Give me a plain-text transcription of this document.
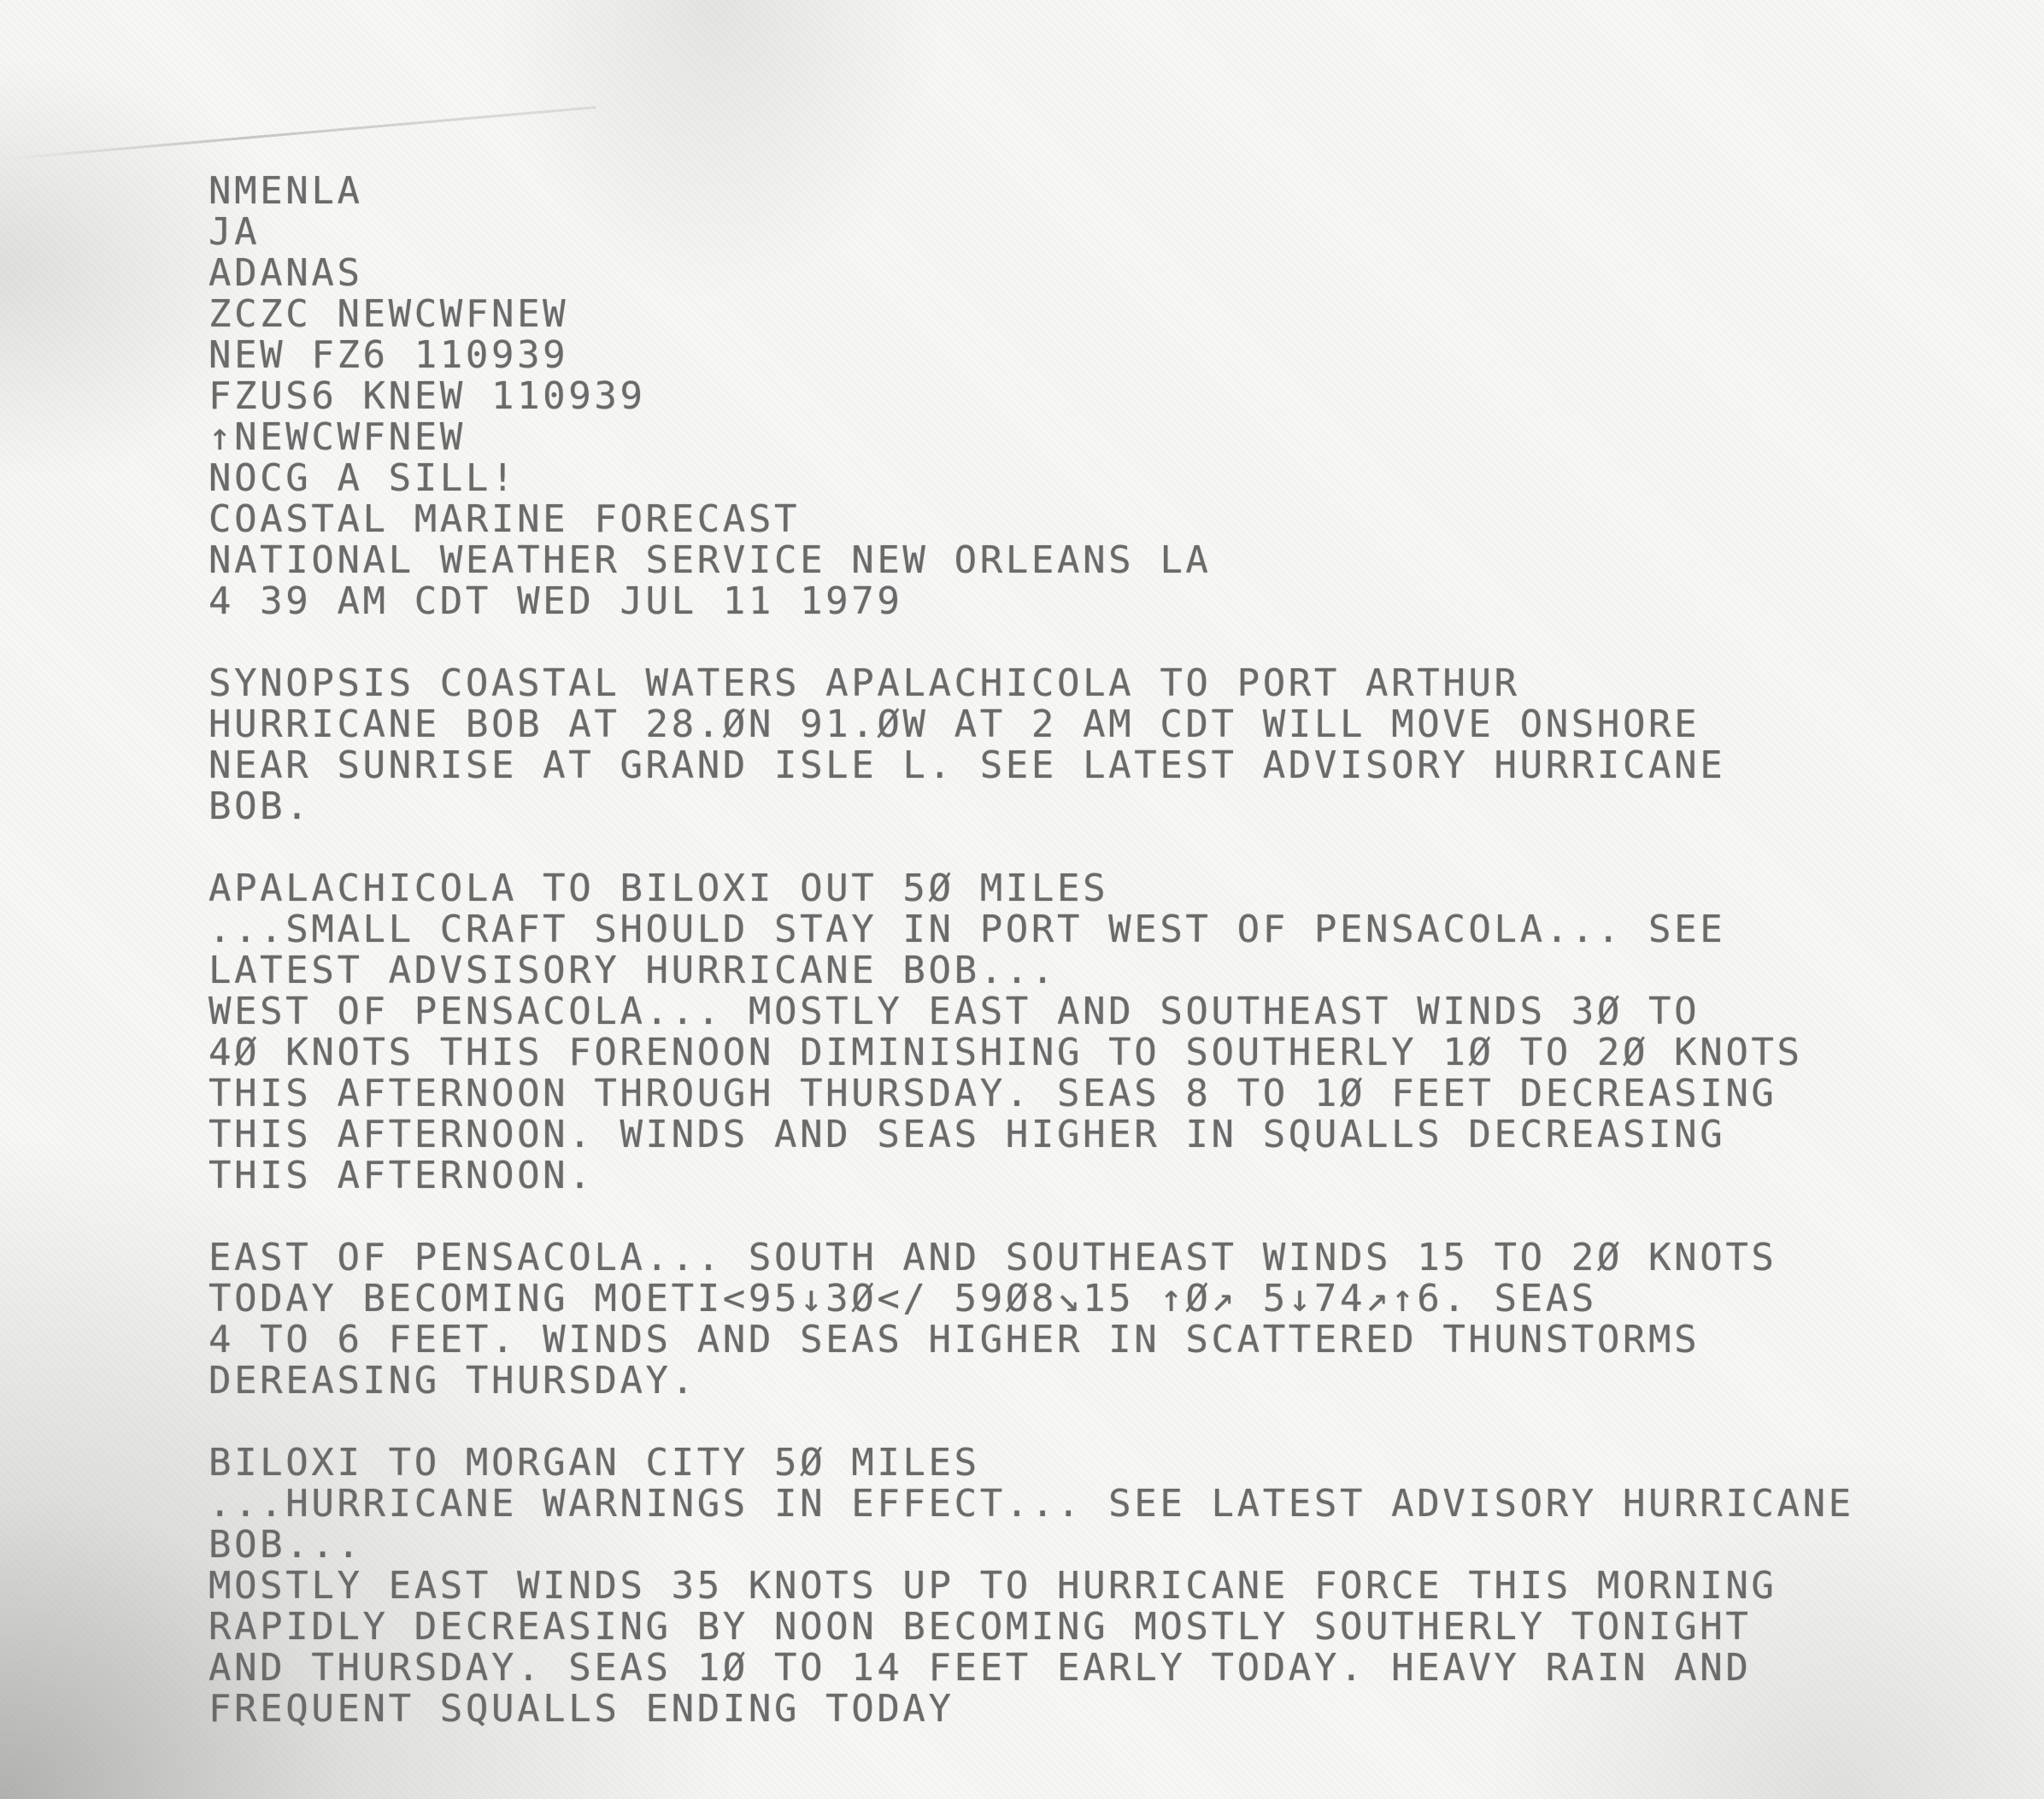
NMENLA
JA
ADANAS
ZCZC NEWCWFNEW
NEW FZ6 110939
FZUS6 KNEW 110939
↑NEWCWFNEW
NOCG A SILL!
COASTAL MARINE FORECAST
NATIONAL WEATHER SERVICE NEW ORLEANS LA
4 39 AM CDT WED JUL 11 1979
SYNOPSIS COASTAL WATERS APALACHICOLA TO PORT ARTHUR
HURRICANE BOB AT 28.ØN 91.ØW AT 2 AM CDT WILL MOVE ONSHORE
NEAR SUNRISE AT GRAND ISLE L. SEE LATEST ADVISORY HURRICANE
BOB.
APALACHICOLA TO BILOXI OUT 5Ø MILES
...SMALL CRAFT SHOULD STAY IN PORT WEST OF PENSACOLA... SEE
LATEST ADVSISORY HURRICANE BOB...
WEST OF PENSACOLA... MOSTLY EAST AND SOUTHEAST WINDS 3Ø TO
4Ø KNOTS THIS FORENOON DIMINISHING TO SOUTHERLY 1Ø TO 2Ø KNOTS
THIS AFTERNOON THROUGH THURSDAY. SEAS 8 TO 1Ø FEET DECREASING
THIS AFTERNOON. WINDS AND SEAS HIGHER IN SQUALLS DECREASING
THIS AFTERNOON.
EAST OF PENSACOLA... SOUTH AND SOUTHEAST WINDS 15 TO 2Ø KNOTS
TODAY BECOMING MOETI<95↓3Ø</ 59Ø8↘15 ↑Ø↗ 5↓74↗↑6. SEAS
4 TO 6 FEET. WINDS AND SEAS HIGHER IN SCATTERED THUNSTORMS
DEREASING THURSDAY.
BILOXI TO MORGAN CITY 5Ø MILES
...HURRICANE WARNINGS IN EFFECT... SEE LATEST ADVISORY HURRICANE
BOB...
MOSTLY EAST WINDS 35 KNOTS UP TO HURRICANE FORCE THIS MORNING
RAPIDLY DECREASING BY NOON BECOMING MOSTLY SOUTHERLY TONIGHT
AND THURSDAY. SEAS 1Ø TO 14 FEET EARLY TODAY. HEAVY RAIN AND
FREQUENT SQUALLS ENDING TODAY
